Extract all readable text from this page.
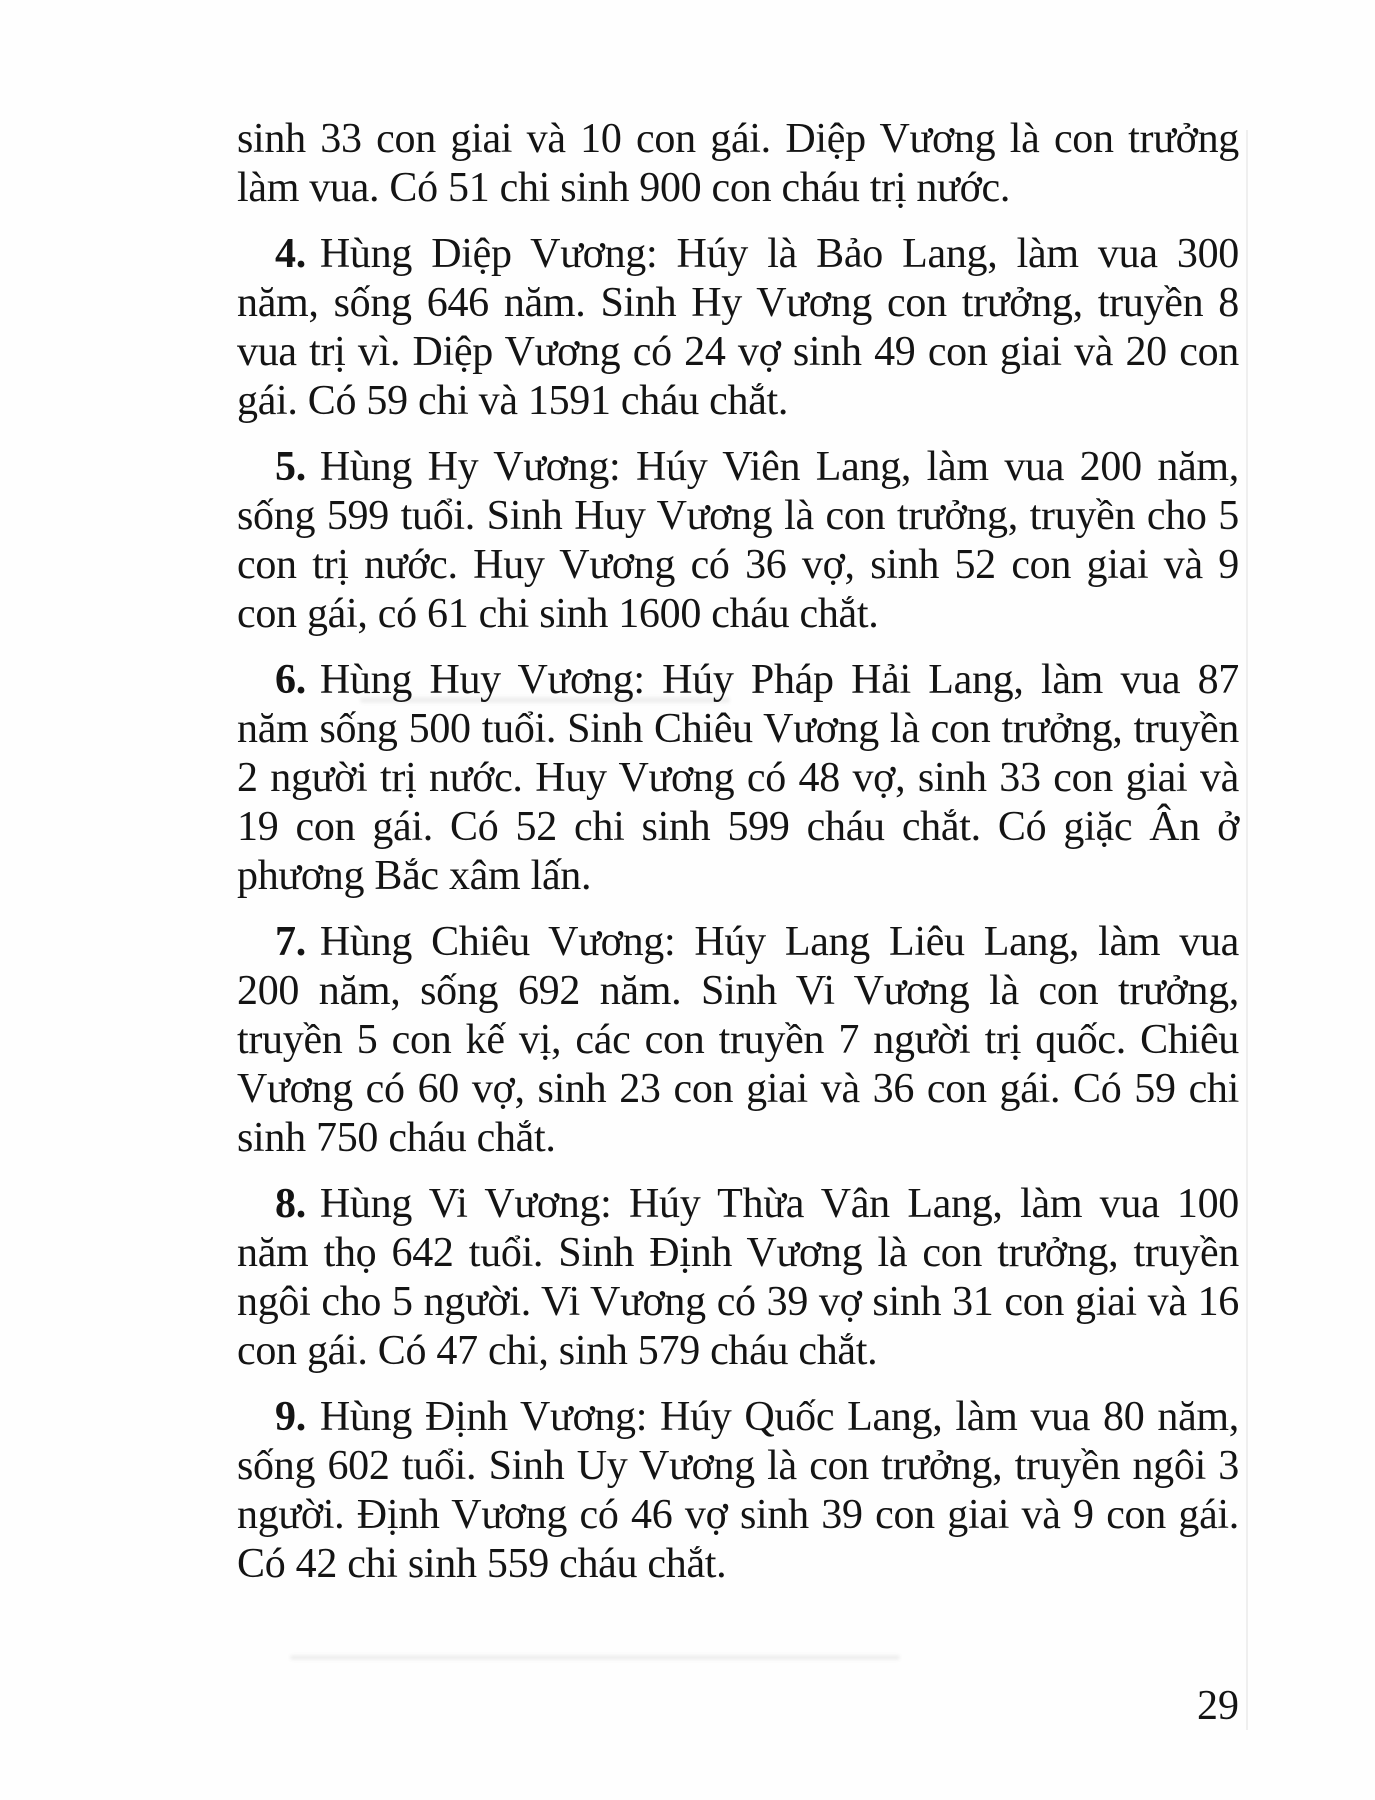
sinh 33 con giai và 10 con gái. Diệp Vương là con trưởng làm vua. Có 51 chi sinh 900 con cháu trị nước.

4. Hùng Diệp Vương: Húy là Bảo Lang, làm vua 300 năm, sống 646 năm. Sinh Hy Vương con trưởng, truyền 8 vua trị vì. Diệp Vương có 24 vợ sinh 49 con giai và 20 con gái. Có 59 chi và 1591 cháu chắt.

5. Hùng Hy Vương: Húy Viên Lang, làm vua 200 năm, sống 599 tuổi. Sinh Huy Vương là con trưởng, truyền cho 5 con trị nước. Huy Vương có 36 vợ, sinh 52 con giai và 9 con gái, có 61 chi sinh 1600 cháu chắt.

6. Hùng Huy Vương: Húy Pháp Hải Lang, làm vua 87 năm sống 500 tuổi. Sinh Chiêu Vương là con trưởng, truyền 2 người trị nước. Huy Vương có 48 vợ, sinh 33 con giai và 19 con gái. Có 52 chi sinh 599 cháu chắt. Có giặc Ân ở phương Bắc xâm lấn.

7. Hùng Chiêu Vương: Húy Lang Liêu Lang, làm vua 200 năm, sống 692 năm. Sinh Vi Vương là con trưởng, truyền 5 con kế vị, các con truyền 7 người trị quốc. Chiêu Vương có 60 vợ, sinh 23 con giai và 36 con gái. Có 59 chi sinh 750 cháu chắt.

8. Hùng Vi Vương: Húy Thừa Vân Lang, làm vua 100 năm thọ 642 tuổi. Sinh Định Vương là con trưởng, truyền ngôi cho 5 người. Vi Vương có 39 vợ sinh 31 con giai và 16 con gái. Có 47 chi, sinh 579 cháu chắt.

9. Hùng Định Vương: Húy Quốc Lang, làm vua 80 năm, sống 602 tuổi. Sinh Uy Vương là con trưởng, truyền ngôi 3 người. Định Vương có 46 vợ sinh 39 con giai và 9 con gái. Có 42 chi sinh 559 cháu chắt.

29
